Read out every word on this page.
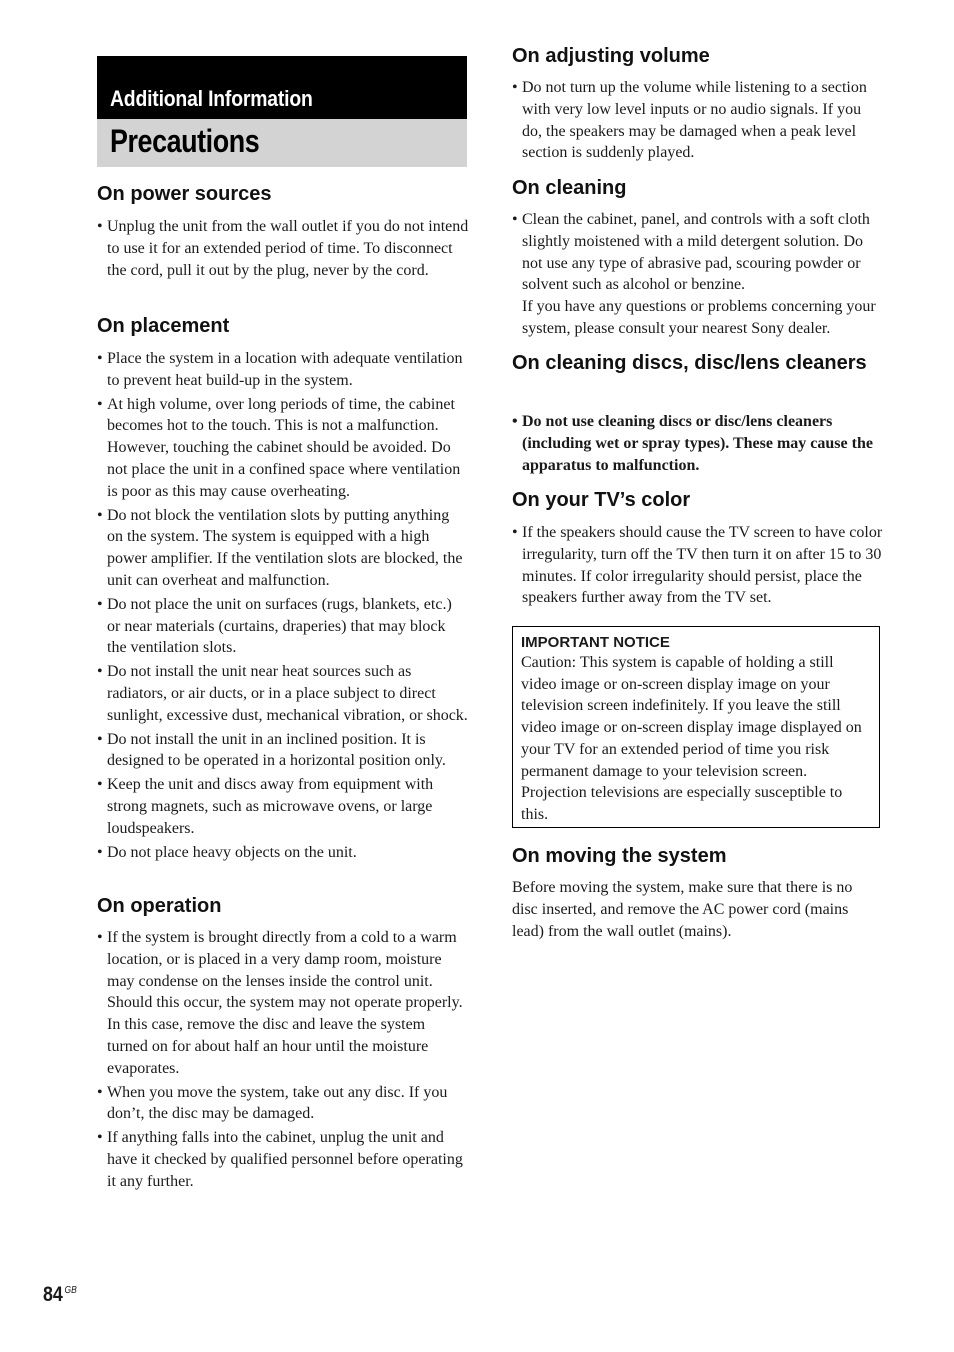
Additional Information
Precautions
On power sources
• Unplug the unit from the wall outlet if you do not intend to use it for an extended period of time. To disconnect the cord, pull it out by the plug, never by the cord.
On placement
• Place the system in a location with adequate ventilation to prevent heat build-up in the system.
• At high volume, over long periods of time, the cabinet becomes hot to the touch. This is not a malfunction. However, touching the cabinet should be avoided. Do not place the unit in a confined space where ventilation is poor as this may cause overheating.
• Do not block the ventilation slots by putting anything on the system. The system is equipped with a high power amplifier. If the ventilation slots are blocked, the unit can overheat and malfunction.
• Do not place the unit on surfaces (rugs, blankets, etc.) or near materials (curtains, draperies) that may block the ventilation slots.
• Do not install the unit near heat sources such as radiators, or air ducts, or in a place subject to direct sunlight, excessive dust, mechanical vibration, or shock.
• Do not install the unit in an inclined position. It is designed to be operated in a horizontal position only.
• Keep the unit and discs away from equipment with strong magnets, such as microwave ovens, or large loudspeakers.
• Do not place heavy objects on the unit.
On operation
• If the system is brought directly from a cold to a warm location, or is placed in a very damp room, moisture may condense on the lenses inside the control unit. Should this occur, the system may not operate properly. In this case, remove the disc and leave the system turned on for about half an hour until the moisture evaporates.
• When you move the system, take out any disc. If you don’t, the disc may be damaged.
• If anything falls into the cabinet, unplug the unit and have it checked by qualified personnel before operating it any further.
On adjusting volume
• Do not turn up the volume while listening to a section with very low level inputs or no audio signals. If you do, the speakers may be damaged when a peak level section is suddenly played.
On cleaning
• Clean the cabinet, panel, and controls with a soft cloth slightly moistened with a mild detergent solution. Do not use any type of abrasive pad, scouring powder or solvent such as alcohol or benzine.
If you have any questions or problems concerning your system, please consult your nearest Sony dealer.
On cleaning discs, disc/lens cleaners
• Do not use cleaning discs or disc/lens cleaners (including wet or spray types). These may cause the apparatus to malfunction.
On your TV’s color
• If the speakers should cause the TV screen to have color irregularity, turn off the TV then turn it on after 15 to 30 minutes. If color irregularity should persist, place the speakers further away from the TV set.
IMPORTANT NOTICE
Caution: This system is capable of holding a still video image or on-screen display image on your television screen indefinitely. If you leave the still video image or on-screen display image displayed on your TV for an extended period of time you risk permanent damage to your television screen. Projection televisions are especially susceptible to this.
On moving the system

Before moving the system, make sure that there is no disc inserted, and remove the AC power cord (mains lead) from the wall outlet (mains).

84 $^{GB}$
